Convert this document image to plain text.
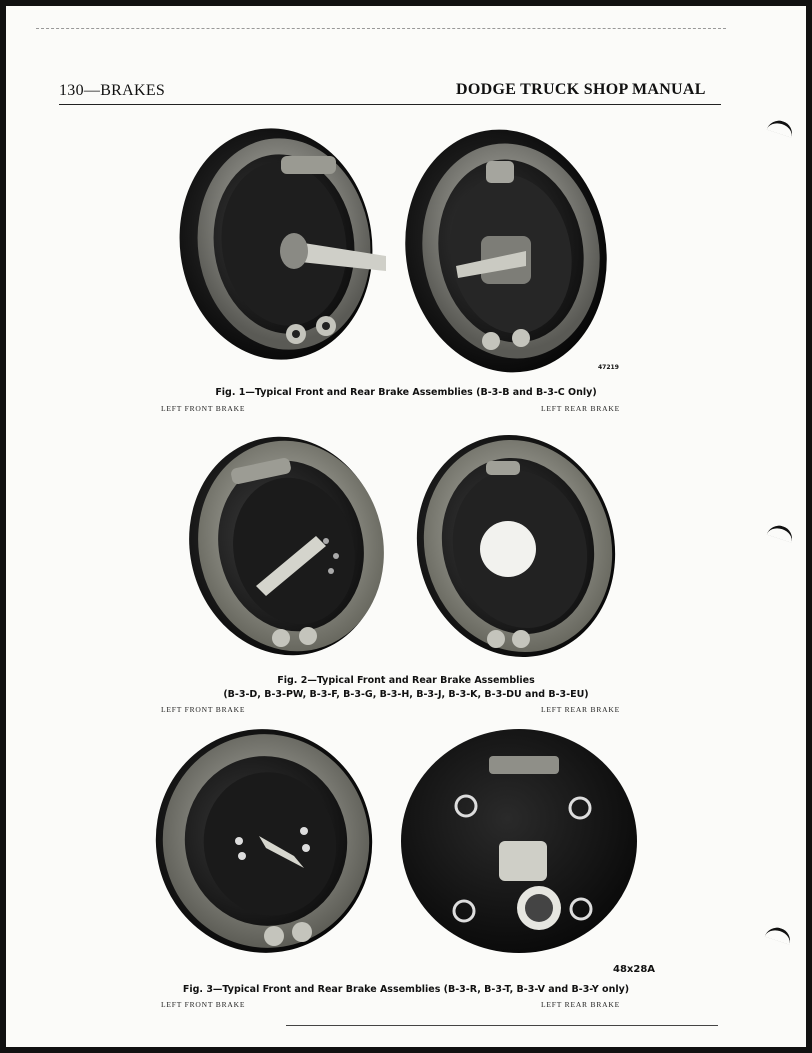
130—BRAKES	DODGE TRUCK SHOP MANUAL
47219
Fig. 1—Typical Front and Rear Brake Assemblies (B-3-B and B-3-C Only)
LEFT FRONT BRAKE	LEFT REAR BRAKE
Fig. 2—Typical Front and Rear Brake Assemblies
(B-3-D, B-3-PW, B-3-F, B-3-G, B-3-H, B-3-J, B-3-K, B-3-DU and B-3-EU)
LEFT FRONT BRAKE	LEFT REAR BRAKE
48x28A
Fig. 3—Typical Front and Rear Brake Assemblies (B-3-R, B-3-T, B-3-V and B-3-Y only)
LEFT FRONT BRAKE	LEFT REAR BRAKE
